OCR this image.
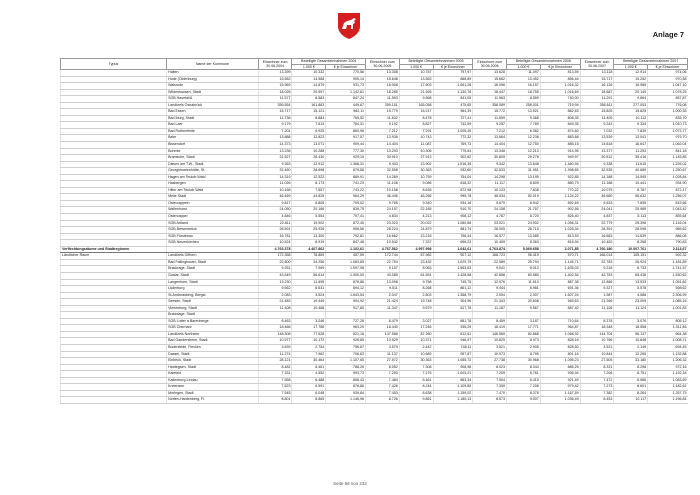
Anlage 7
Typus	Name der Kommune	Einwohner zum 30.06.2004	Beteiligte Gesamteinnahmen 2004		Einwohner zum 30.06.2005	Beteiligte Gesamteinnahmen 2005		Einwohner zum 30.06.2006	Beteiligte Gesamteinnahmen 2006		Einwohner zum 30.06.2007	Beteiligte Gesamteinnahmen 2007	
			1.000 €	€ je Einwohner		1.000 €	€ je Einwohner		1.000 €	€ je Einwohner		1.000 €	€ je Einwohner
	Halten	13.399	10.332	770,56	13.308	10.787	797,97	13.628	11.097	813,59	13.118	12.914	974,06
	Hude (Oldenburg)	15.562	14.588	905,14	15.648	13.563	868,89	15.682	13.452	856,44	15.717	15.252	970,58
	Walsrode	15.969	14.879	931,73	16.008	17.903	1.061,28	16.096	16.157	1.016,32	16.126	16.989	1.047,10
	Wildeshausen, Stadt	18.026	20.597	1.142,61	18.285	21.926	1.130,78	18.447	18.755	1.016,69	18.687	20.149	1.078,25
	SGB Hasetal/A	11.577	8.583	847,24	11.593	9.568	841,05	11.563	8.559	740,00	11.291	9.864	857,87
	Landkreis Osnabrück	359.554	161.883	449,67	359.151	165.058	475,65	358.089	258.001	719,94	356.611	277.053	776,08
	Bad Essen	15.717	15.121	962,11	15.779	15.217	964,39	15.772	13.921	882,63	15.825	15.825	1.000,35
	Bad Iburg, Stadt	11.736	8.884	765,52	11.632	8.478	727,41	11.559	9.368	808,35	11.405	10.112	835,70
	Bad Laer	9.179	7.613	784,31	9.192	8.827	742,59	9.257	7.789	849,35	9.243	9.334	1.010,73
	Bad Rothenfelde	7.201	6.925	869,96	7.212	7.291	1.005,49	7.212	6.382	874,60	7.032	7.839	1.073,77
	Belm	13.888	12.823	917,57	13.936	10.743	772,32	13.664	12.236	883,68	13.539	13.041	979,70
	Bissendorf	14.373	13.071	909,44	14.404	11.087	769,73	14.404	12.750	885,15	14.618	16.647	1.062,04
	Bohmte	13.236	10.288	777,30	13.293	10.306	775,64	13.348	12.213	914,95	13.377	11.253	841,18
	Bramsche, Stadt	31.527	28.430	929,19	30.910	27.913	902,82	30.809	29.278	949,97	30.512	35.416	1.145,85
	Dissen am T.W., Stadt	9.363	12.912	1.368,31	9.403	13.902	1.516,35	9.342	13.648	1.460,94	9.338	11.615	1.226,02
	Georgsmarienhütte, St.	32.460	28.698	879,56	32.558	30.363	932,60	32.533	31.951	1.998,65	32.535	40.689	1.250,67
	Hagen am Teutob.Wald	14.319	12.522	889,91	14.269	10.759	754,04	14.298	13.195	922,85	14.188	14.595	1.028,84
	Hasbergen	11.026	8.173	741,23	11.108	9.086	818,32	11.117	8.609	880,79	11.168	10.441	934,90
	Hilter am Teutob.Wald	10.168	7.557	743,22	10.158	8.635	872,98	10.123	7.838	770,22	10.075	8.787	872,17
	Melle Stadt	46.469	44.825	964,29	46.446	46.266	995,78	46.534	52.019	1.124,22	46.680	58.632	1.256,07
	Ostercappeln	9.817	6.805	709,02	9.765	9.340	934,18	9.670	8.942	892,69	9.633	7.895	819,56
	Wallenhorst	24.050	20.186	839,75	24.157	22.185	910,70	24.158	21.757	902,56	24.041	25.989	1.043,42
	Ostercappel	4.846	5.554	797,41	4.834	4.213	908,12	4.787	5.720	826,40	4.837	5.113	855,64
	SGB Artland	22.811	19.902	872,45	23.023	20.022	1.080,68	23.021	24.902	1.056,31	22.779	25.398	1.116,04
	SGB Bersenbrück	28.591	25.926	908,56	28.224	24.879	881,74	28.005	28.715	1.025,34	28.391	28.098	989,62
	SGB Fürstenau	16.781	13.300	792,81	16.662	13.216	796,44	16.577	13.085	813,53	16.663	14.639	886,08
	SGB Neuenkirchen	10.524	8.919	847,48	10.542	7.337	696,23	10.459	8.363	816,94	10.452	8.268	790,83
Verflechtungsräume und Stadtregionen		4.763.378	4.407.862	1.102,61	4.767.562	4.997.998	1.042,61	4.763.874	5.069.658	2.071,85	4.760.180	10.007.761	2.113,67
Ländlicher Raum	Landkreis Gifhorn	172.358	78.869	457,59	172.744	87.982	507,12	168.723	96.419	570,71	168.014	105.151	592,32
	Bad Fallingbostel, Stadt	22.800	24.256	1.063,65	22.754	23.432	1.029,79	22.589	25.794	1.145,71	22.783	26.924	1.181,89
	Brackrage, Stadt	9.251	7.969	1.097,98	9.157	8.063	1.563,63	9.041	8.013	1.635,03	9.218	8.733	1.741,57
	Goslar, Stadt	43.549	56.614	1.300,00	43.085	61.551	1.428,58	42.858	60.580	1.402,54	42.753	65.436	1.530,62
	Langenhorn, Stadt	13.230	11.695	876,86	13.098	9.758	745,75	12.976	11.510	887,38	12.866	13.533	1.051,82
	Lüderburg	9.562	6.631	694,12	9.511	8.268	861,12	9.444	6.981	691,36	9.327	5.578	598,62
	St.Andreasberg, Bergst.	2.083	3.524	1.643,54	2.047	2.803	1.368,79	2.054	2.307	1.607,24	1.987	4.588	2.306,99
	Seesen, Stadt	21.483	19.449	904,92	21.424	19.748	904,96	21.343	20.608	965,63	21.266	23.009	1.085,16
	Vienenburg, Stadt	11.408	10.468	917,80	11.347	9.579	817,78	11.187	9.567	887,40	11.108	11.124	1.001,83
	Braunlage, Stadt												
	SGB Lutter a.Barenberge	8.463	3.246	727,28	8.479	3.027	881,78	8.459	3.187	710,64	8.378	3.076	805,12
	SGB Oberharz	18.466	17.788	963,29	18.440	17.246	935,29	18.419	17.771	964,87	18.348	18.558	1.011,46
	Landkreis Northeim	148.308	77.528	521,16	147.588	87.260	612,61	146.569	82.868	1.068,92	144.704	96.137	664,38
	Bad Gandersheim, Stadt	10.977	10.172	926,65	10.929	10.371	948,97	10.825	8.973	828,16	10.766	10.848	1.008,71
	Bodenfelde, Flecken	3.639	2.754	756,67	3.579	2.442	748,11	3.521	2.905	828,50	3.521	2.149	694,45
	Dassel, Stadt	11.274	7.962	706,63	11.137	10.689	957,87	10.973	8.795	801,16	10.844	12.265	1.132,88
	Einbeck, Stadt	28.121	30.464	1.107,65	27.972	30.363	1.085,72	27.738	30.968	1.095,23	27.505	33.180	1.206,32
	Hardegsen, Stadt	8.482	6.461	788,26	8.052	7.308	908,98	8.023	8.344	885,25	8.331	8.298	972,16
	Kalefeld	7.331	4.552	993,73	7.253	7.276	1.003,21	7.209	6.761	936,94	7.208	8.751	1.192,18
	Katlenburg-Lindau	7.558	6.488	858,43	7.484	6.461	863,34	7.504	6.415	921,49	7.472	8.986	1.083,69
	Kreiensen	7.523	6.591	876,86	7.428	8.244	1.109,85	7.359	7.208	979,42	7.273	8.601	1.182,62
	Moringen, Stadt	7.545	6.048	939,84	7.453	8.638	1.159,02	7.470	8.378	1.167,59	7.382	8.264	1.257,75
	Nörten-Hardenberg, Fl.	8.801	8.865	1.146,96	8.726	9.861	1.180,13	8.573	9.007	1.036,49	8.453	10.117	1.196,84
Seite 66 von 232
